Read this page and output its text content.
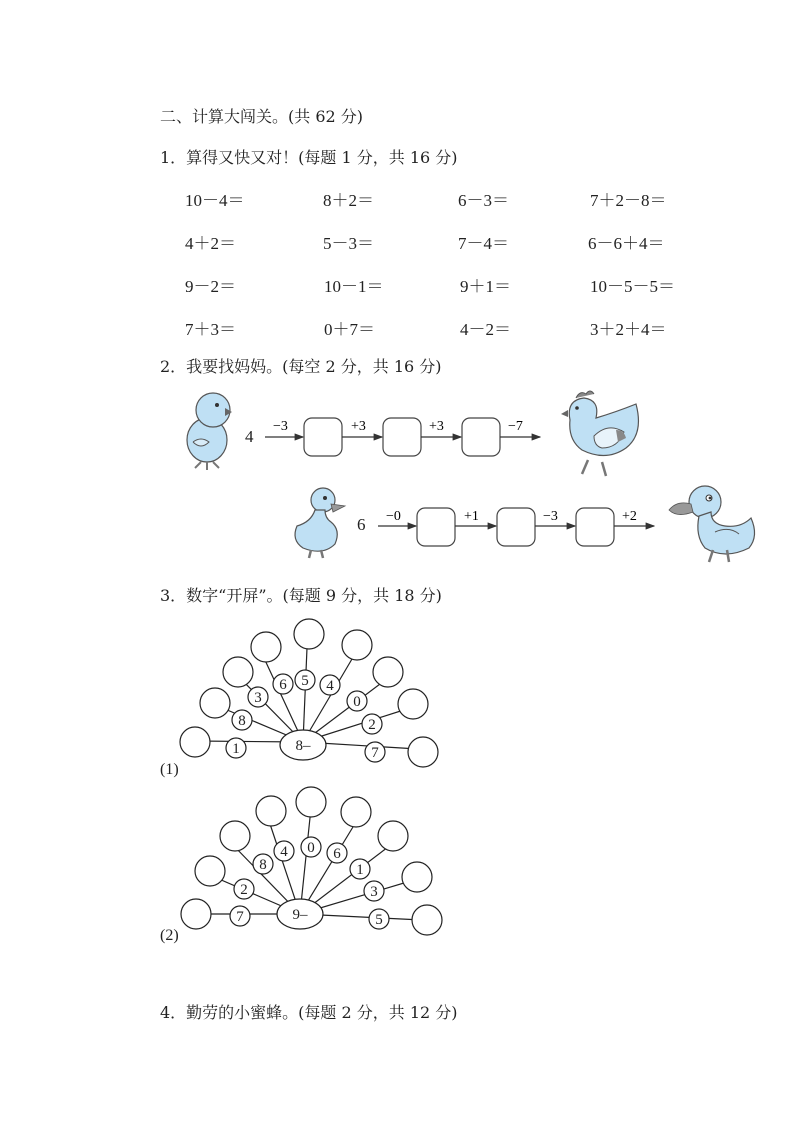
二、计算大闯关。(共 62 分)
1．算得又快又对！(每题 1 分，共 16 分)
10－4＝	8＋2＝	6－3＝	7＋2－8＝
4＋2＝	5－3＝	7－4＝	6－6＋4＝
9－2＝	10－1＝	9＋1＝	10－5－5＝
7＋3＝	0＋7＝	4－2＝	3＋2＋4＝
2．我要找妈妈。(每空 2 分，共 16 分)
4
−3	+3	+3	−7
6 −0	+1	−3	+2
3．数字“开屏”。(每题 9 分，共 18 分)
1
8
3
6 5 4
0
2
7
8–
(1)
7
2
8
4 0 6
1
3
5
9–
(2)
4．勤劳的小蜜蜂。(每题 2 分，共 12 分)
